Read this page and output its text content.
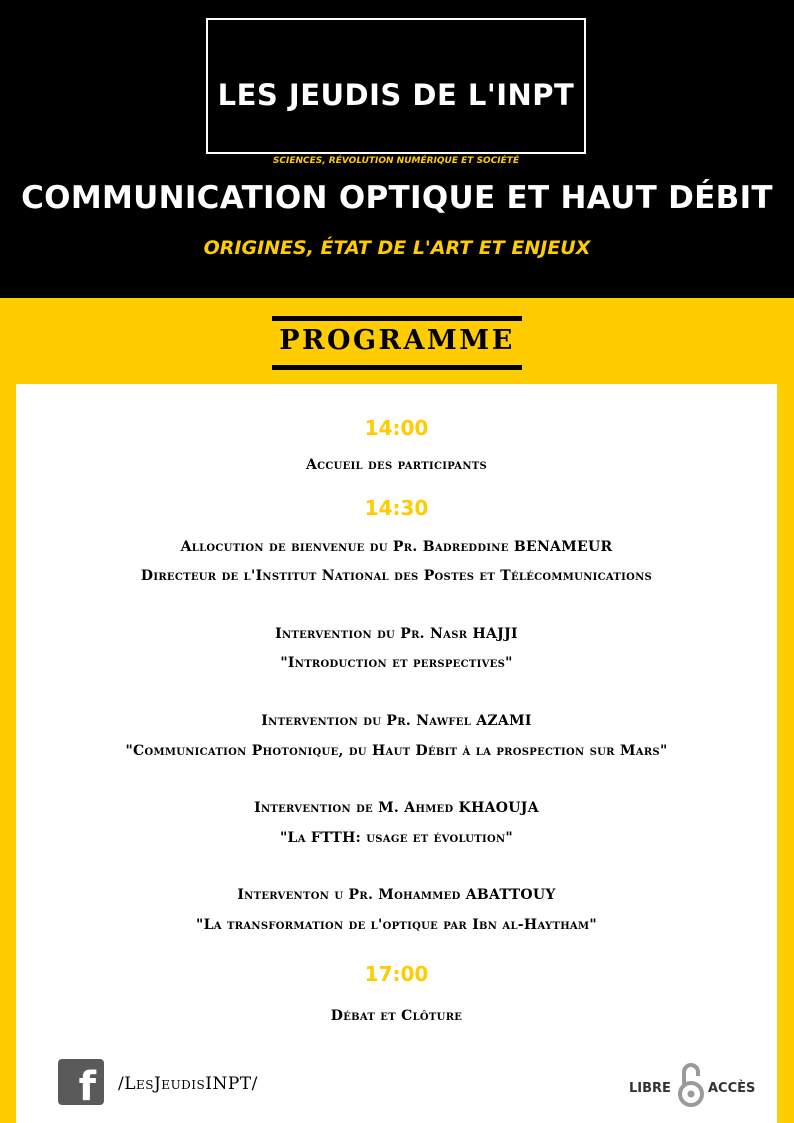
LES JEUDIS DE L'INPT
SCIENCES, RÉVOLUTION NUMÉRIQUE ET SOCIÉTÉ
COMMUNICATION OPTIQUE ET HAUT DÉBIT
ORIGINES, ÉTAT DE L'ART ET ENJEUX
PROGRAMME
14:00
Accueil des participants
14:30
Allocution de bienvenue du Pr. Badreddine BENAMEUR
Directeur de l'Institut National des Postes et Télécommunications
Intervention du Pr. Nasr HAJJI
"Introduction et perspectives"
Intervention du Pr. Nawfel AZAMI
"Communication Photonique, du Haut Débit à la prospection sur Mars"
Intervention de M. Ahmed KHAOUJA
"La FTTH: usage et évolution"
Interventon u Pr. Mohammed ABATTOUY
"La transformation de l'optique par Ibn al-Haytham"
17:00
Débat et Clôture
f /LesJeudisINPT/	LIBRE	ACCÈS
